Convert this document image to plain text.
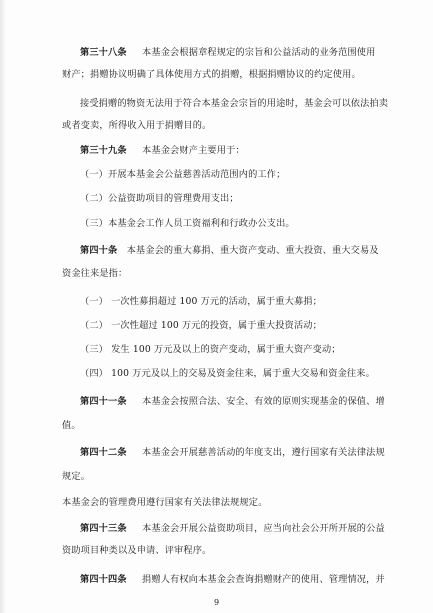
第三十八条 本基金会根据章程规定的宗旨和公益活动的业务范围使用
财产；捐赠协议明确了具体使用方式的捐赠，根据捐赠协议的约定使用。
接受捐赠的物资无法用于符合本基金会宗旨的用途时，基金会可以依法拍卖
或者变卖，所得收入用于捐赠目的。
第三十九条 本基金会财产主要用于：
（一）开展本基金会公益慈善活动范围内的工作；
（二）公益资助项目的管理费用支出；
（三）本基金会工作人员工资福利和行政办公支出。
第四十条 本基金会的重大募捐、重大资产变动、重大投资、重大交易及
资金往来是指：
（一） 一次性募捐超过 100 万元的活动，属于重大募捐；
（二） 一次性超过 100 万元的投资，属于重大投资活动；
（三） 发生 100 万元及以上的资产变动，属于重大资产变动；
（四） 100 万元及以上的交易及资金往来，属于重大交易和资金往来。
第四十一条 本基金会按照合法、安全、有效的原则实现基金的保值、增
值。
第四十二条 本基金会开展慈善活动的年度支出，遵行国家有关法律法规
规定。
本基金会的管理费用遵行国家有关法律法规规定。
第四十三条 本基金会开展公益资助项目，应当向社会公开所开展的公益
资助项目种类以及申请、评审程序。
第四十四条 捐赠人有权向本基金会查询捐赠财产的使用、管理情况，并
9
